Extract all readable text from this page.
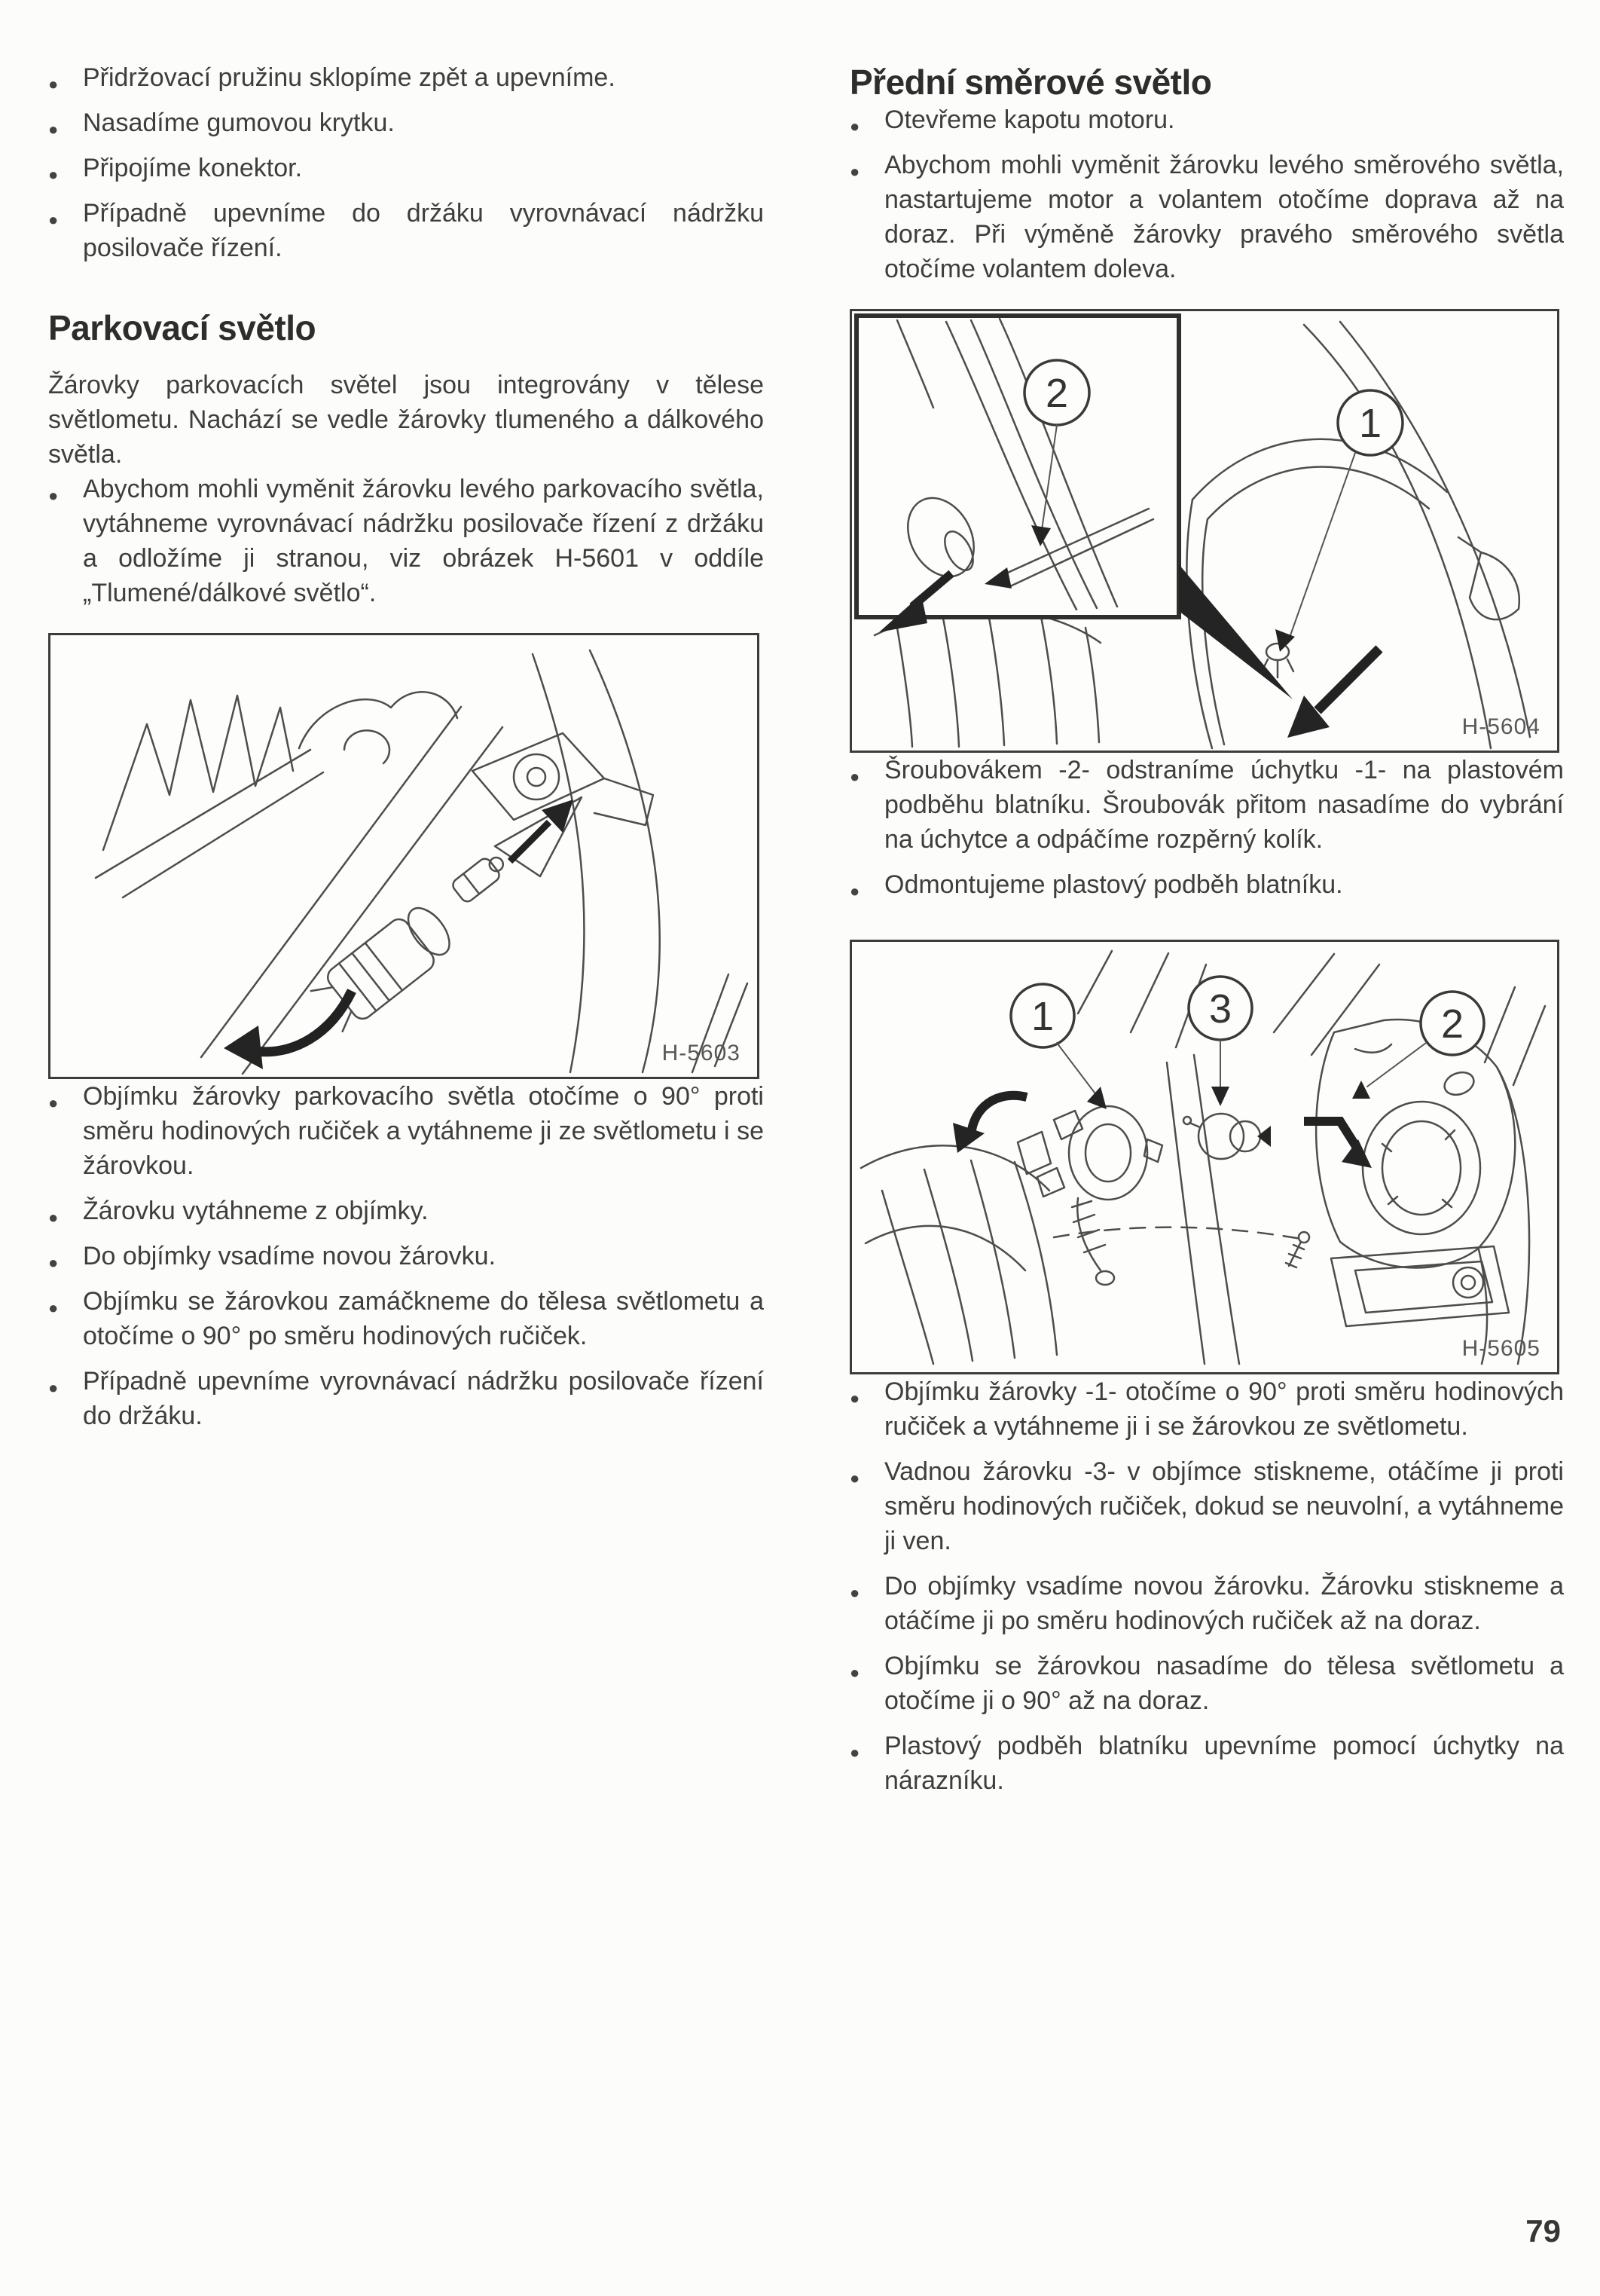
● Přidržovací pružinu sklopíme zpět a upevníme.
● Nasadíme gumovou krytku.
● Připojíme konektor.
● Případně upevníme do držáku vyrovnávací nádržku posilovače řízení.
Parkovací světlo

Žárovky parkovacích světel jsou integrovány v tělese světlometu. Nachází se vedle žárovky tlumeného a dálkového světla.

● Abychom mohli vyměnit žárovku levého parkovacího světla, vytáhneme vyrovnávací nádržku posilovače řízení z držáku a odložíme ji stranou, viz obrázek H-5601 v oddíle „Tlumené/dálkové světlo“.
H-5603
● Objímku žárovky parkovacího světla otočíme o 90° proti směru hodinových ručiček a vytáhneme ji ze světlometu i se žárovkou.
● Žárovku vytáhneme z objímky.
● Do objímky vsadíme novou žárovku.
● Objímku se žárovkou zamáčkneme do tělesa světlometu a otočíme o 90° po směru hodinových ručiček.
● Případně upevníme vyrovnávací nádržku posilovače řízení do držáku.
Přední směrové světlo
● Otevřeme kapotu motoru.
● Abychom mohli vyměnit žárovku levého směrového světla, nastartujeme motor a volantem otočíme doprava až na doraz. Při výměně žárovky pravého směrového světla otočíme volantem doleva.
2
1
H-5604
● Šroubovákem -2- odstraníme úchytku -1- na plastovém podběhu blatníku. Šroubovák přitom nasadíme do vybrání na úchytce a odpáčíme rozpěrný kolík.
● Odmontujeme plastový podběh blatníku.
1	3	2
H-5605
● Objímku žárovky -1- otočíme o 90° proti směru hodinových ručiček a vytáhneme ji i se žárovkou ze světlometu.
● Vadnou žárovku -3- v objímce stiskneme, otáčíme ji proti směru hodinových ručiček, dokud se neuvolní, a vytáhneme ji ven.
● Do objímky vsadíme novou žárovku. Žárovku stiskneme a otáčíme ji po směru hodinových ručiček až na doraz.
● Objímku se žárovkou nasadíme do tělesa světlometu a otočíme ji o 90° až na doraz.
● Plastový podběh blatníku upevníme pomocí úchytky na nárazníku.
79
